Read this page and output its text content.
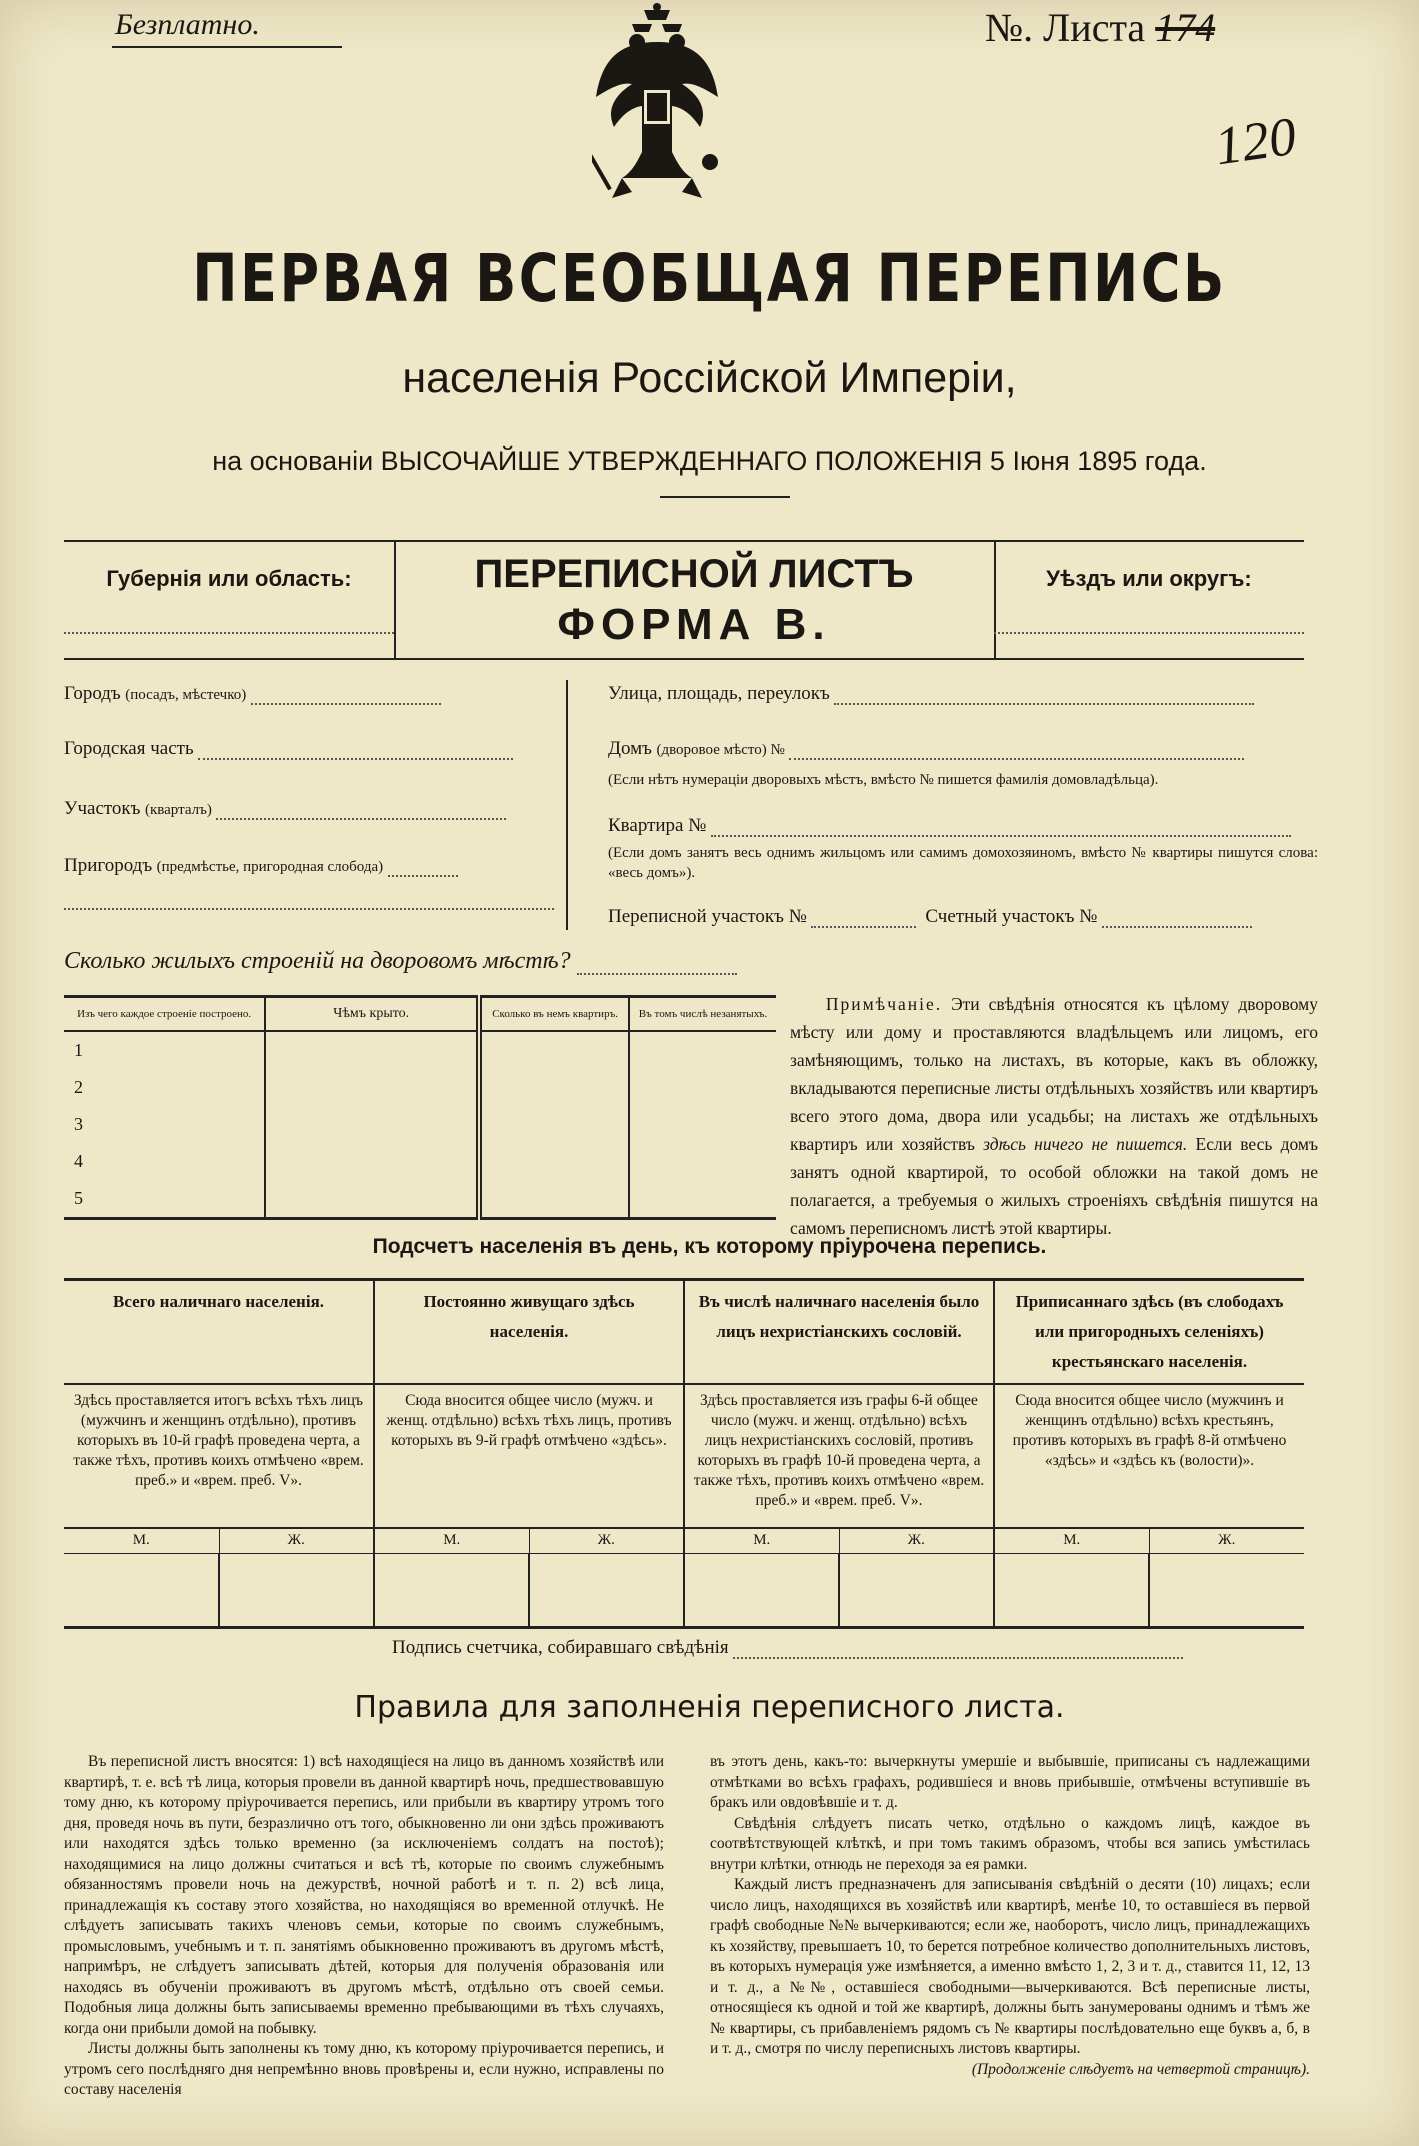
Безплатно.	№. Листа 174
120
ПЕРВАЯ ВСЕОБЩАЯ ПЕРЕПИСЬ
населенія Россійской Имперіи,
на основаніи ВЫСОЧАЙШЕ УТВЕРЖДЕННАГО ПОЛОЖЕНІЯ 5 Іюня 1895 года.
Губернія или область:	ПЕРЕПИСНОЙ ЛИСТЪ
ФОРМА В.
Уѣздъ или округъ:
Городъ (посадъ, мѣстечко)
Городская часть
Участокъ (кварталъ)
Пригородъ (предмѣстье, пригородная слобода)
Улица, площадь, переулокъ
Домъ (дворовое мѣсто) №
(Если нѣтъ нумераціи дворовыхъ мѣстъ, вмѣсто № пишется фамилія домовладѣльца).
Квартира №
(Если домъ занятъ весь однимъ жильцомъ или самимъ домохозяиномъ, вмѣсто № квартиры пишутся слова: «весь домъ»).
Переписной участокъ №	Счетный участокъ №
Сколько жилыхъ строеній на дворовомъ мѣстѣ?
Изъ чего каждое строеніе построено.	Чѣмъ крыто.	Сколько въ немъ квартиръ.	Въ томъ числѣ незанятыхъ.
1			
2			
3			
4			
5			
Примѣчаніе. Эти свѣдѣнія относятся къ цѣлому дворовому мѣсту или дому и проставляются владѣльцемъ или лицомъ, его замѣняющимъ, только на листахъ, въ которые, какъ въ обложку, вкладываются переписные листы отдѣльныхъ хозяйствъ или квартиръ всего этого дома, двора или усадьбы; на листахъ же отдѣльныхъ квартиръ или хозяйствъ здѣсь ничего не пишется. Если весь домъ занятъ одной квартирой, то особой обложки на такой домъ не полагается, а требуемыя о жилыхъ строеніяхъ свѣдѣнія пишутся на самомъ переписномъ листѣ этой квартиры.
Подсчетъ населенія въ день, къ которому пріурочена перепись.
Всего наличнаго населенія.		Постоянно живущаго здѣсь населенія.		Въ числѣ наличнаго населенія было лицъ нехристіанскихъ сословій.		Приписаннаго здѣсь (въ слободахъ или пригородныхъ селеніяхъ) крестьянскаго населенія.	
Здѣсь проставляется итогъ всѣхъ тѣхъ лицъ (мужчинъ и женщинъ отдѣльно), противъ которыхъ въ 10-й графѣ проведена черта, а также тѣхъ, противъ коихъ отмѣчено «врем. преб.» и «врем. преб. V».		Сюда вносится общее число (мужч. и женщ. отдѣльно) всѣхъ тѣхъ лицъ, противъ которыхъ въ 9-й графѣ отмѣчено «здѣсь».		Здѣсь проставляется изъ графы 6-й общее число (мужч. и женщ. отдѣльно) всѣхъ лицъ нехристіанскихъ сословій, противъ которыхъ въ графѣ 10-й проведена черта, а также тѣхъ, противъ коихъ отмѣчено «врем. преб.» и «врем. преб. V».		Сюда вносится общее число (мужчинъ и женщинъ отдѣльно) всѣхъ крестьянъ, противъ которыхъ въ графѣ 8-й отмѣчено «здѣсь» и «здѣсь къ (волости)».	
М.	Ж.	М.	Ж.	М.	Ж.	М.	Ж.

Подпись счетчика, собиравшаго свѣдѣнія
Правила для заполненія переписного листа.

Въ переписной листъ вносятся: 1) всѣ находящіеся на лицо въ данномъ хозяйствѣ или квартирѣ, т. е. всѣ тѣ лица, которыя провели въ данной квартирѣ ночь, предшествовавшую тому дню, къ которому пріурочивается перепись, или прибыли въ квартиру утромъ того дня, проведя ночь въ пути, безразлично отъ того, обыкновенно ли они здѣсь проживаютъ или находятся здѣсь только временно (за исключеніемъ солдатъ на постоѣ); находящимися на лицо должны считаться и всѣ тѣ, которые по своимъ служебнымъ обязанностямъ провели ночь на дежурствѣ, ночной работѣ и т. п. 2) всѣ лица, принадлежащія къ составу этого хозяйства, но находящіяся во временной отлучкѣ. Не слѣдуетъ записывать такихъ членовъ семьи, которые по своимъ служебнымъ, промысловымъ, учебнымъ и т. п. занятіямъ обыкновенно проживаютъ въ другомъ мѣстѣ, напримѣръ, не слѣдуетъ записывать дѣтей, которыя для полученія образованія или находясь въ обученіи проживаютъ въ другомъ мѣстѣ, отдѣльно отъ своей семьи. Подобныя лица должны быть записываемы временно пребывающими въ тѣхъ случаяхъ, когда они прибыли домой на побывку.

Листы должны быть заполнены къ тому дню, къ которому пріурочивается перепись, и утромъ сего послѣдняго дня непремѣнно вновь провѣрены и, если нужно, исправлены по составу населенія

въ этотъ день, какъ-то: вычеркнуты умершіе и выбывшіе, приписаны съ надлежащими отмѣтками во всѣхъ графахъ, родившіеся и вновь прибывшіе, отмѣчены вступившіе въ бракъ или овдовѣвшіе и т. д.

Свѣдѣнія слѣдуетъ писать четко, отдѣльно о каждомъ лицѣ, каждое въ соотвѣтствующей клѣткѣ, и при томъ такимъ образомъ, чтобы вся запись умѣстилась внутри клѣтки, отнюдь не переходя за ея рамки.

Каждый листъ предназначенъ для записыванія свѣдѣній о десяти (10) лицахъ; если число лицъ, находящихся въ хозяйствѣ или квартирѣ, менѣе 10, то оставшіеся въ первой графѣ свободные №№ вычеркиваются; если же, наоборотъ, число лицъ, принадлежащихъ къ хозяйству, превышаетъ 10, то берется потребное количество дополнительныхъ листовъ, въ которыхъ нумерація уже измѣняется, а именно вмѣсто 1, 2, 3 и т. д., ставится 11, 12, 13 и т. д., а №№, оставшіеся свободными—вычеркиваются. Всѣ переписные листы, относящіеся къ одной и той же квартирѣ, должны быть занумерованы однимъ и тѣмъ же № квартиры, съ прибавленіемъ рядомъ съ № квартиры послѣдовательно еще буквъ а, б, в и т. д., смотря по числу переписныхъ листовъ квартиры.

(Продолженіе слѣдуетъ на четвертой страницѣ).
